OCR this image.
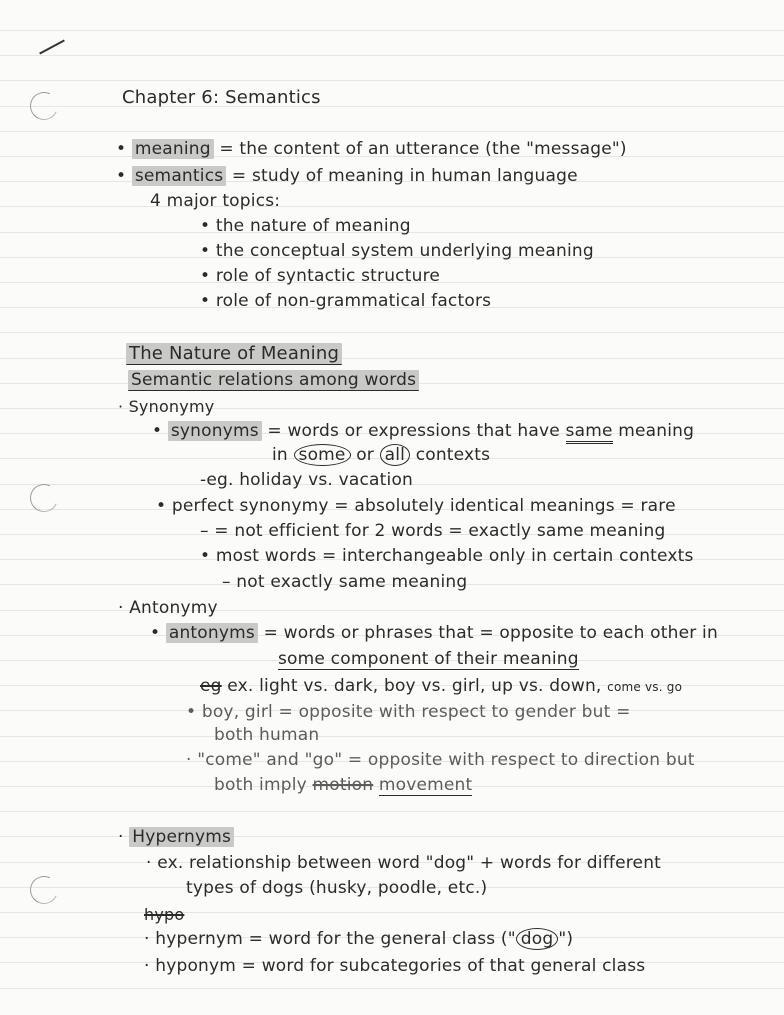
Chapter 6: Semantics
• meaning = the content of an utterance (the "message")
• semantics = study of meaning in human language
4 major topics:
• the nature of meaning
• the conceptual system underlying meaning
• role of syntactic structure
• role of non-grammatical factors
The Nature of Meaning
Semantic relations among words
· Synonymy
• synonyms = words or expressions that have same meaning
in some or all contexts
-eg. holiday vs. vacation
• perfect synonymy = absolutely identical meanings = rare
– = not efficient for 2 words = exactly same meaning
• most words = interchangeable only in certain contexts
– not exactly same meaning
· Antonymy
• antonyms = words or phrases that = opposite to each other in
some component of their meaning
eg ex. light vs. dark, boy vs. girl, up vs. down, come vs. go
• boy, girl = opposite with respect to gender but =
both human
· "come" and "go" = opposite with respect to direction but
both imply motion movement
· Hypernyms
· ex. relationship between word "dog" + words for different
types of dogs (husky, poodle, etc.)
hypo
· hypernym = word for the general class (" dog ")
· hyponym = word for subcategories of that general class
